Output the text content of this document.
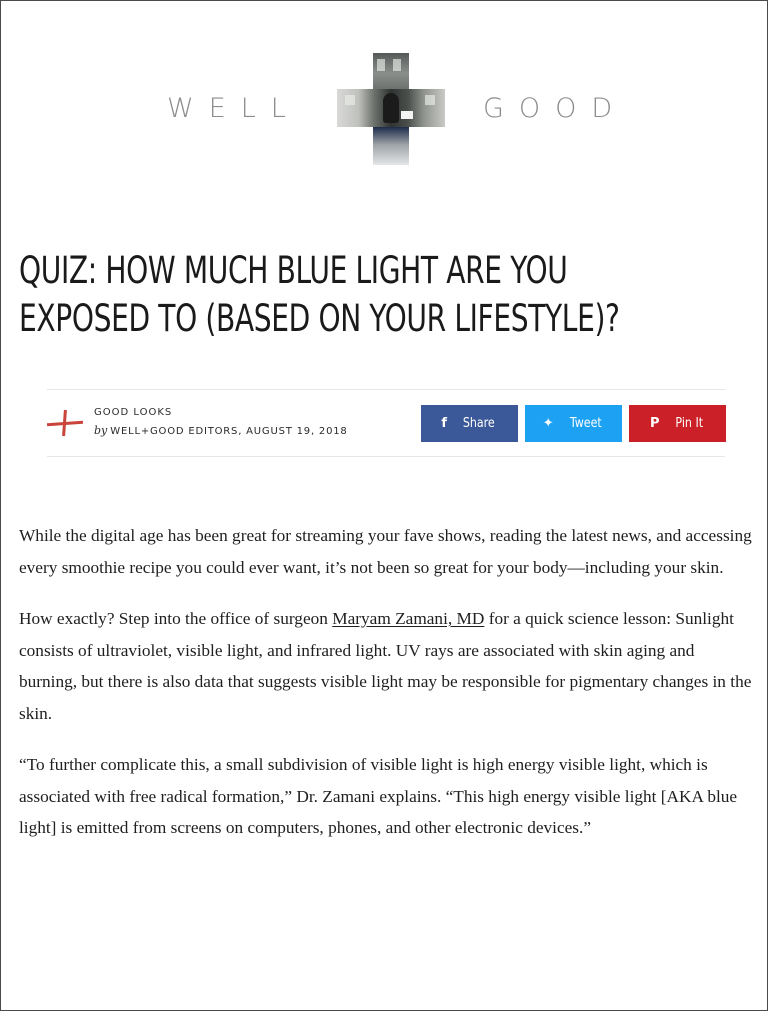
WELL	GOOD
QUIZ: HOW MUCH BLUE LIGHT ARE YOU
EXPOSED TO (BASED ON YOUR LIFESTYLE)?
GOOD LOOKS
by WELL+GOOD EDITORS, AUGUST 19, 2018
f Share	✦ Tweet	P Pin It

While the digital age has been great for streaming your fave shows, reading the latest news, and accessing every smoothie recipe you could ever want, it’s not been so great for your body—including your skin.

How exactly? Step into the office of surgeon Maryam Zamani, MD for a quick science lesson: Sunlight consists of ultraviolet, visible light, and infrared light. UV rays are associated with skin aging and burning, but there is also data that suggests visible light may be responsible for pigmentary changes in the skin.

“To further complicate this, a small subdivision of visible light is high energy visible light, which is associated with free radical formation,” Dr. Zamani explains. “This high energy visible light [AKA blue light] is emitted from screens on computers, phones, and other electronic devices.”
